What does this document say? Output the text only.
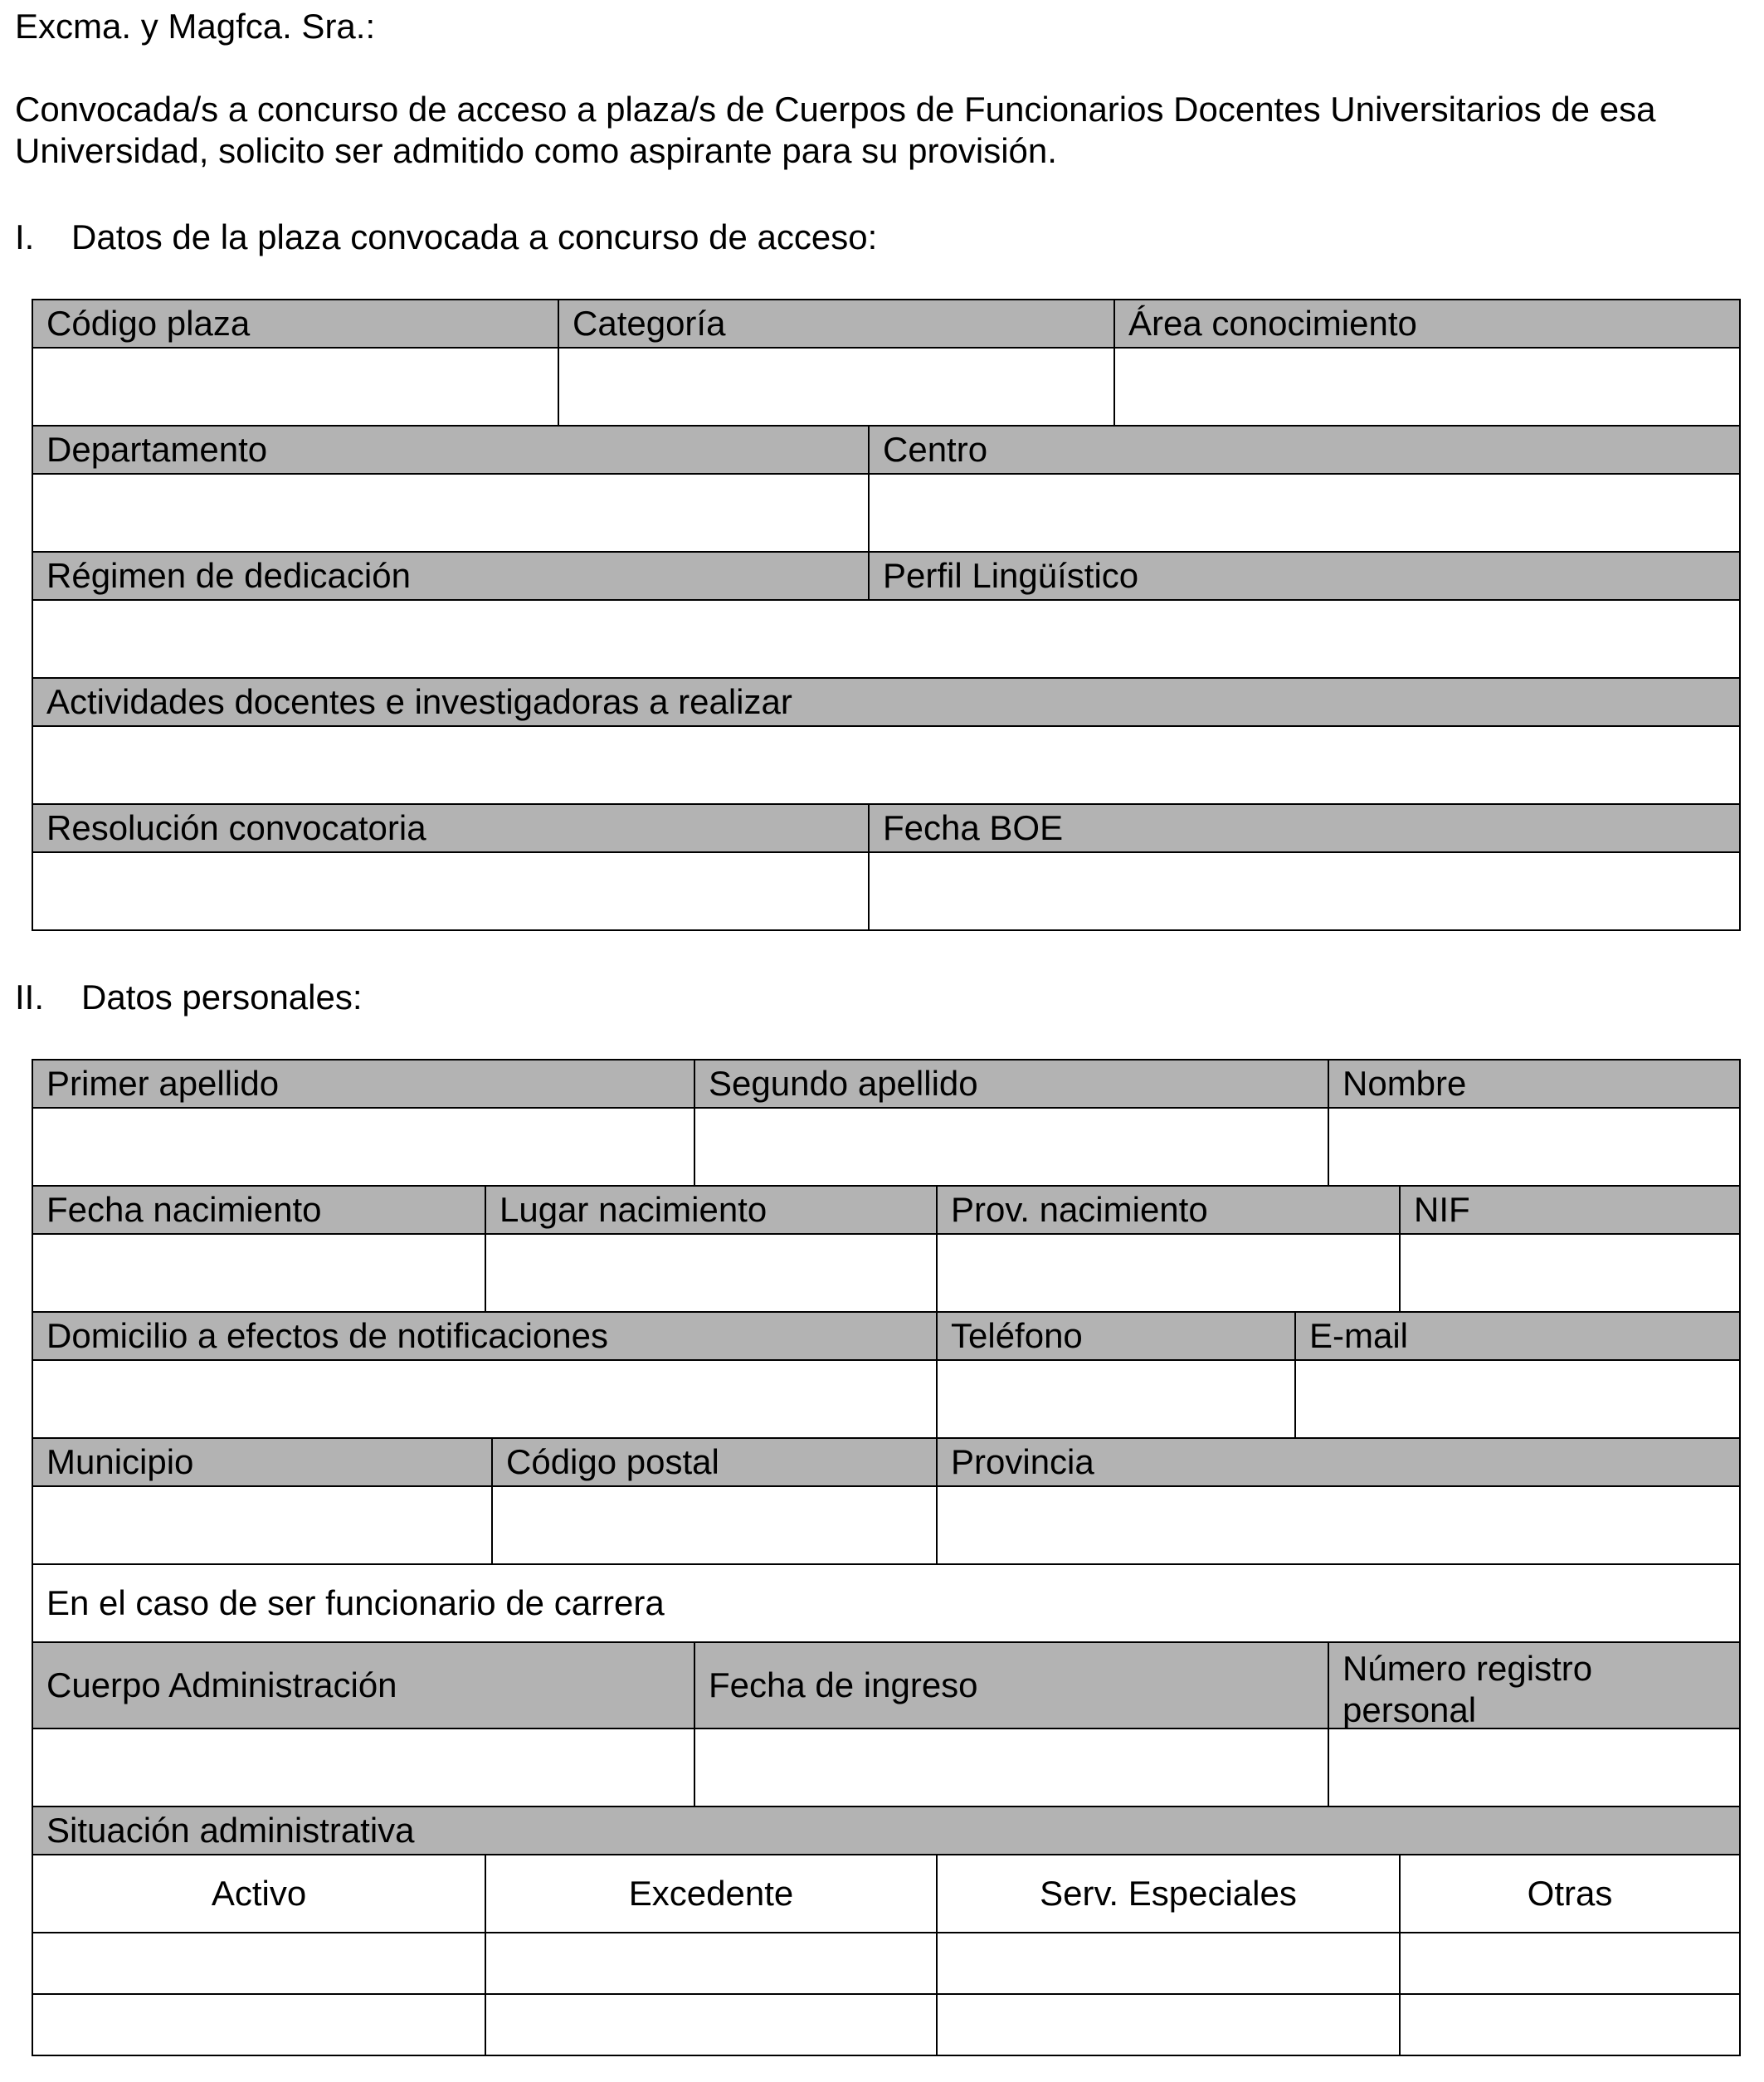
Excma. y Magfca. Sra.:
Convocada/s a concurso de acceso a plaza/s de Cuerpos de Funcionarios Docentes Universitarios de esa
Universidad, solicito ser admitido como aspirante para su provisión.
I. Datos de la plaza convocada a concurso de acceso:
Código plaza	Categoría	Área conocimiento
Departamento	Centro
Régimen de dedicación	Perfil Lingüístico
Actividades docentes e investigadoras a realizar
Resolución convocatoria	Fecha BOE
II. Datos personales:
Primer apellido	Segundo apellido	Nombre
Fecha nacimiento	Lugar nacimiento	Prov. nacimiento	NIF
Domicilio a efectos de notificaciones	Teléfono	E-mail
Municipio	Código postal	Provincia
En el caso de ser funcionario de carrera
Cuerpo Administración	Fecha de ingreso	Número registro
personal
Situación administrativa
Activo	Excedente	Serv. Especiales	Otras
